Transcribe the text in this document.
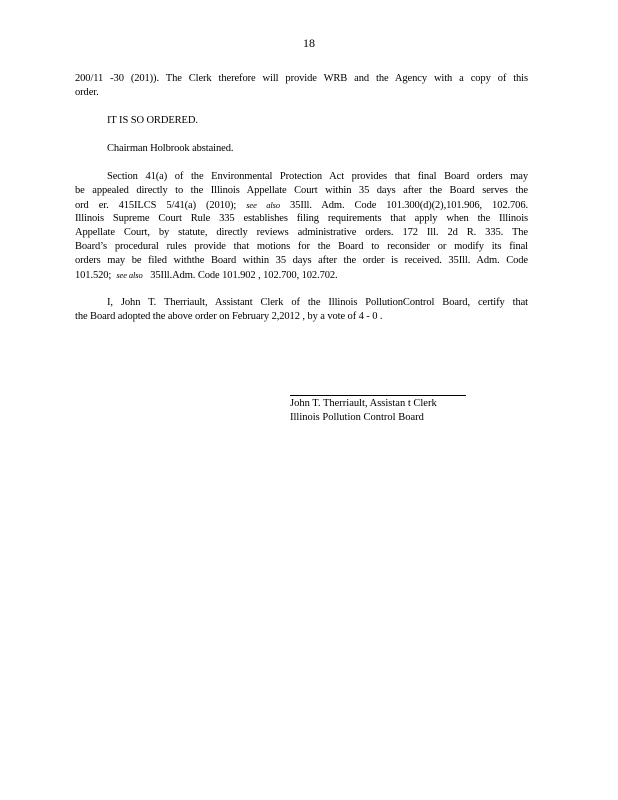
18
200/11 -30 (201)). The Clerk therefore will provide WRB and the Agency with a copy of this
order.
IT IS SO ORDERED.
Chairman Holbrook abstained.
Section 41(a) of the Environmental Protection Act provides that final Board orders may
be appealed directly to the Illinois Appellate Court within 35 days after the Board serves the
ord er. 415ILCS 5/41(a) (2010); see also 35Ill. Adm. Code 101.300(d)(2),101.906, 102.706.
Illinois Supreme Court Rule 335 establishes filing requirements that apply when the Illinois
Appellate Court, by statute, directly reviews administrative orders. 172 Ill. 2d R. 335. The
Board’s procedural rules provide that motions for the Board to reconsider or modify its final
orders may be filed withthe Board within 35 days after the order is received. 35Ill. Adm. Code
101.520; see also 35Ill.Adm. Code 101.902 , 102.700, 102.702.
I, John T. Therriault, Assistant Clerk of the Illinois PollutionControl Board, certify that
the Board adopted the above order on February 2,2012 , by a vote of 4 - 0 .
John T. Therriault, Assistan t Clerk
Illinois Pollution Control Board
